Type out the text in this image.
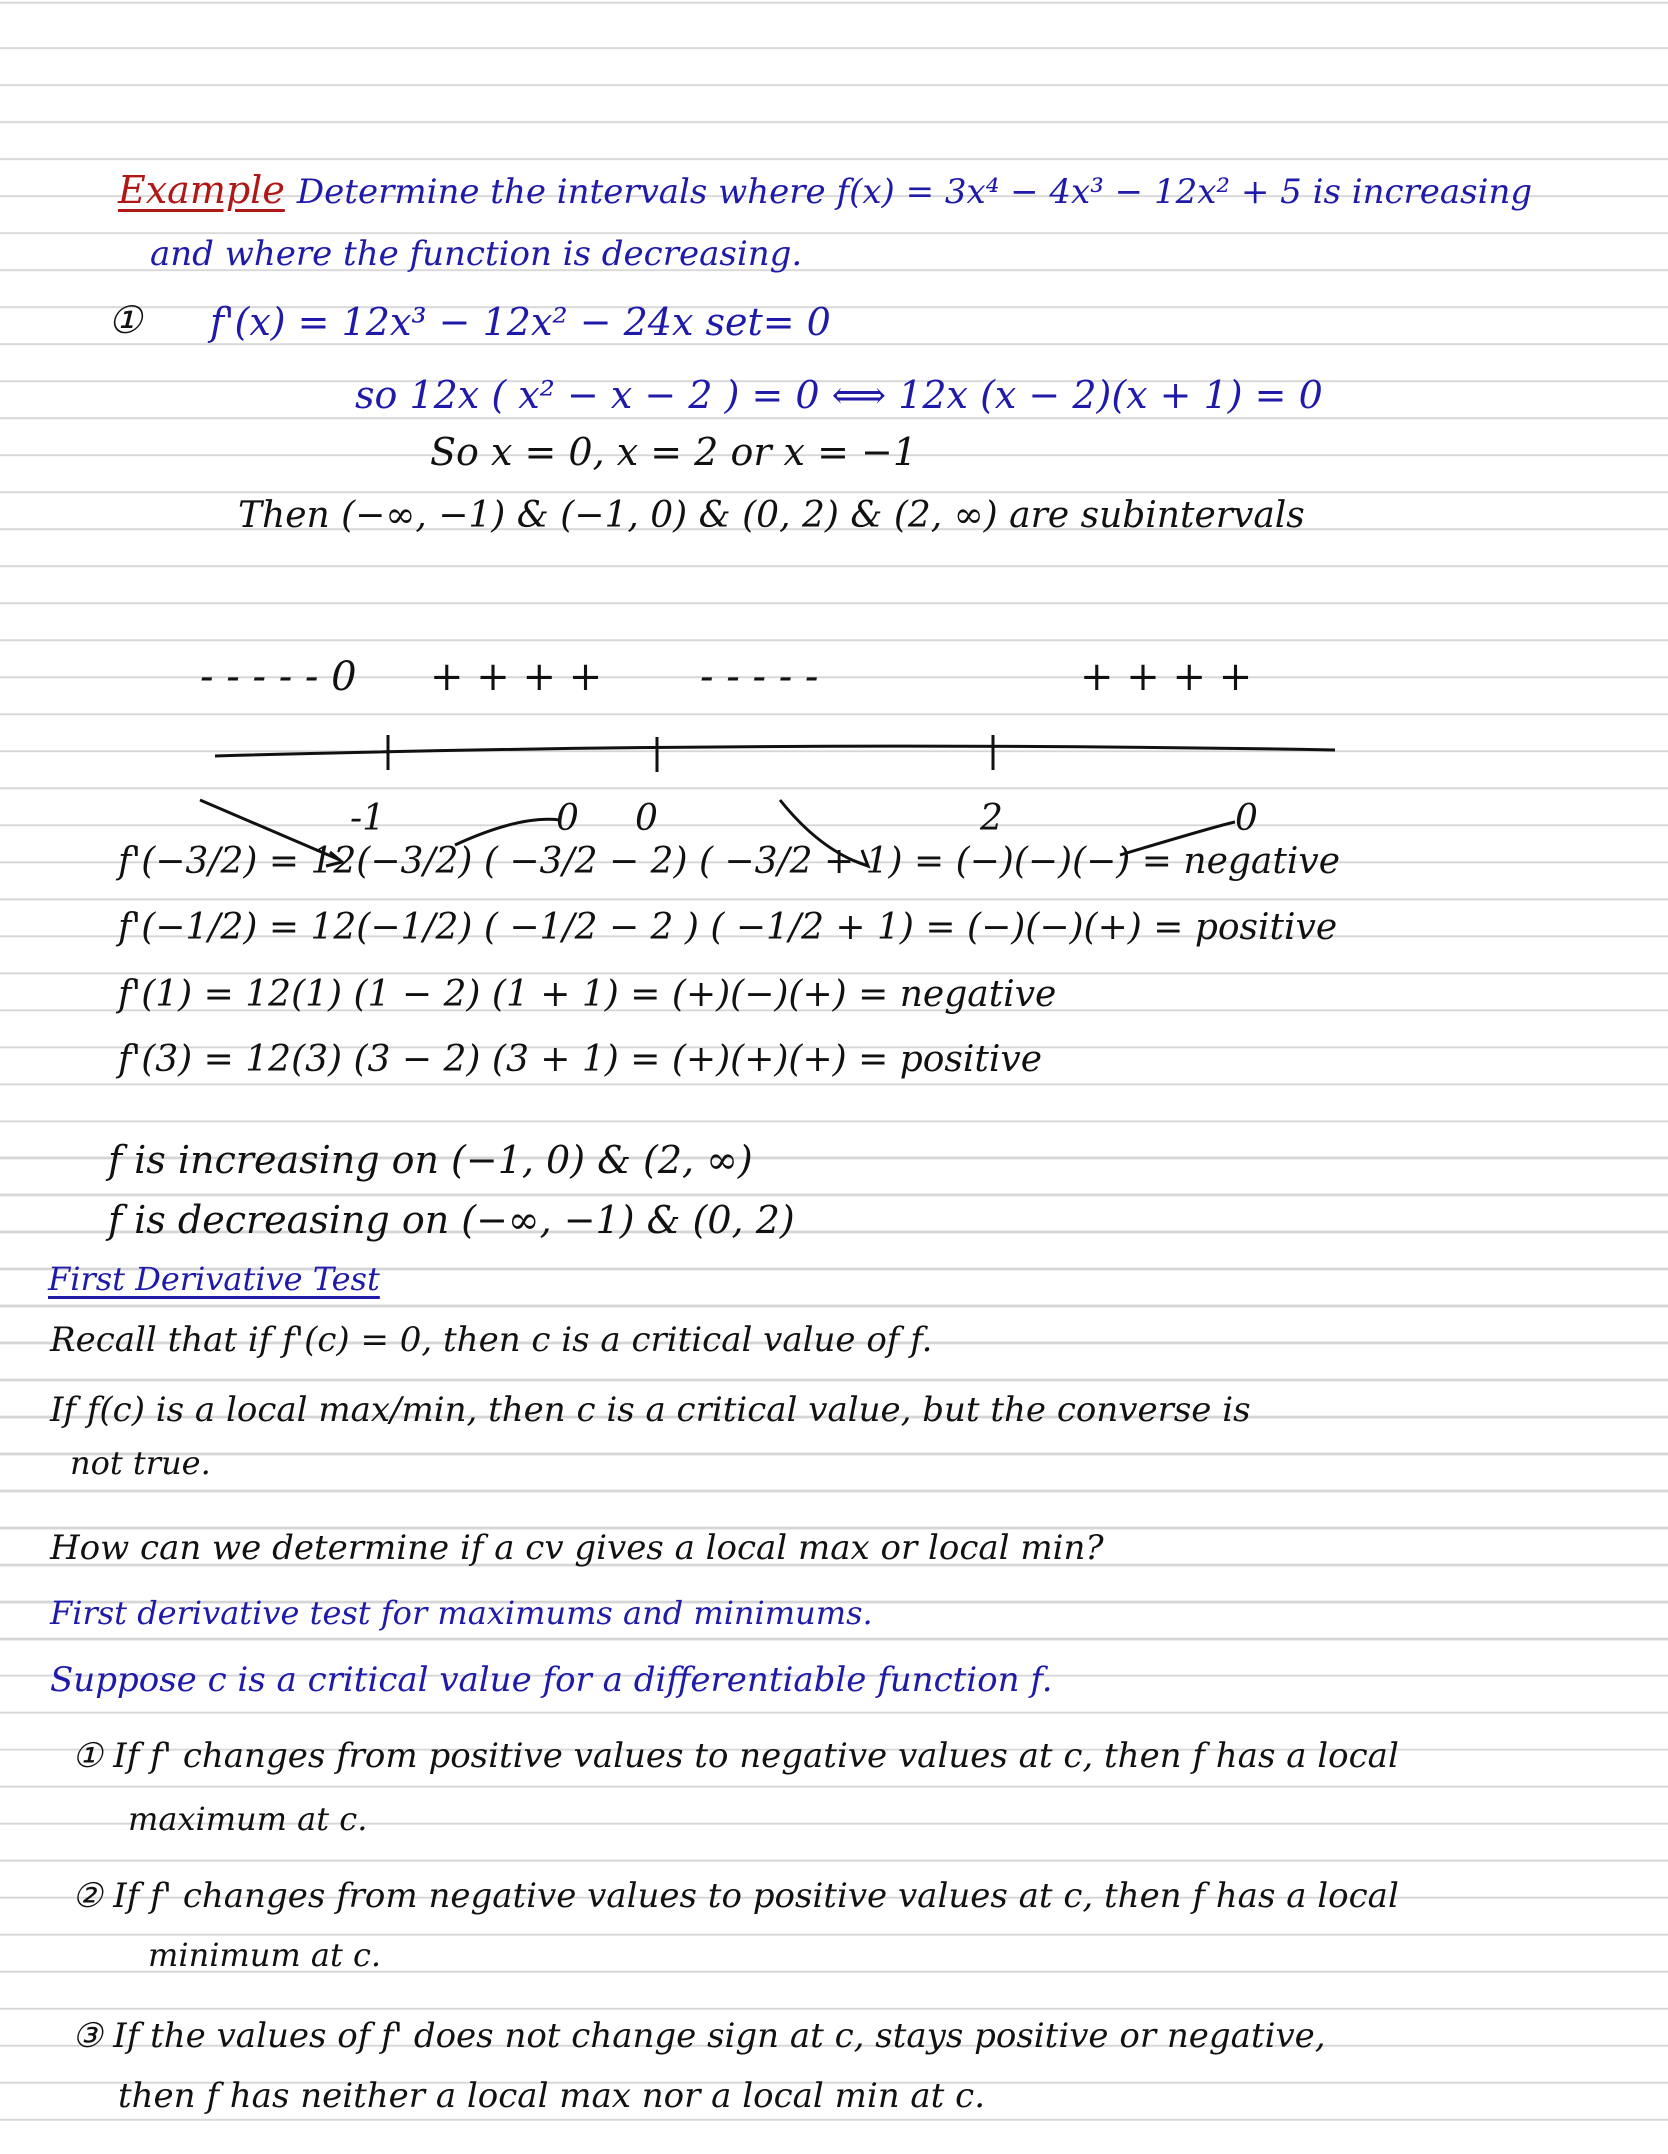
Example Determine the intervals where f(x) = 3x⁴ − 4x³ − 12x² + 5 is increasing
and where the function is decreasing.
① f'(x) = 12x³ − 12x² − 24x set= 0
so 12x ( x² − x − 2 ) = 0 ⟺ 12x (x − 2)(x + 1) = 0
So x = 0, x = 2 or x = −1
Then (−∞, −1) & (−1, 0) & (0, 2) & (2, ∞) are subintervals
- - - - - 0 + + + + - - - - -	+ + + +
-1	0	2
0	0
f'(−3/2) = 12(−3/2) ( −3/2 − 2) ( −3/2 + 1) = (−)(−)(−) = negative
f'(−1/2) = 12(−1/2) ( −1/2 − 2 ) ( −1/2 + 1) = (−)(−)(+) = positive
f'(1) = 12(1) (1 − 2) (1 + 1) = (+)(−)(+) = negative
f'(3) = 12(3) (3 − 2) (3 + 1) = (+)(+)(+) = positive
f is increasing on (−1, 0) & (2, ∞)
f is decreasing on (−∞, −1) & (0, 2)
First Derivative Test
Recall that if f'(c) = 0, then c is a critical value of f.
If f(c) is a local max/min, then c is a critical value, but the converse is
not true.
How can we determine if a cv gives a local max or local min?
First derivative test for maximums and minimums.
Suppose c is a critical value for a differentiable function f.
① If f' changes from positive values to negative values at c, then f has a local
maximum at c.
② If f' changes from negative values to positive values at c, then f has a local
minimum at c.
③ If the values of f' does not change sign at c, stays positive or negative,
then f has neither a local max nor a local min at c.
